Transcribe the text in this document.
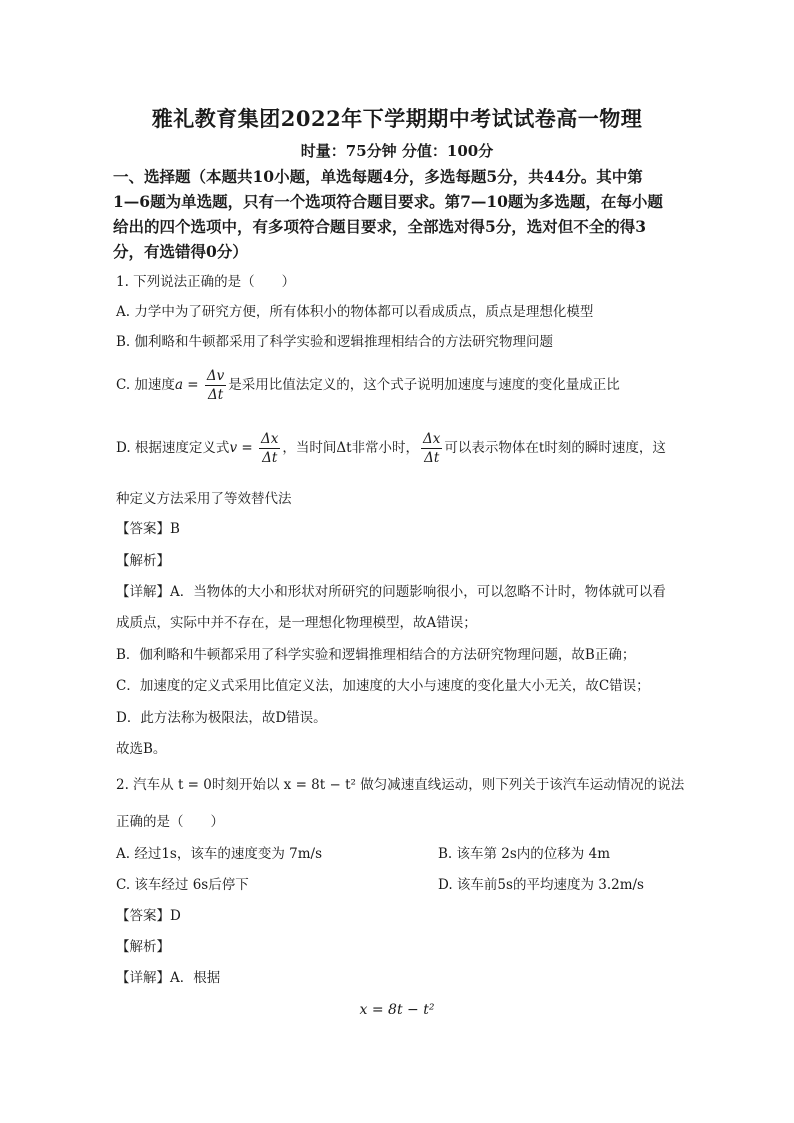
雅礼教育集团2022年下学期期中考试试卷高一物理
时量：75分钟 分值：100分
一、选择题（本题共10小题，单选每题4分，多选每题5分，共44分。其中第
1—6题为单选题，只有一个选项符合题目要求。第7—10题为多选题，在每小题
给出的四个选项中，有多项符合题目要求，全部选对得5分，选对但不全的得3
分，有选错得0分）
1. 下列说法正确的是（　　）
A. 力学中为了研究方便，所有体积小的物体都可以看成质点，质点是理想化模型
B. 伽利略和牛顿都采用了科学实验和逻辑推理相结合的方法研究物理问题
C. 加速度$a = \frac{\Delta v}{\Delta t}$ 是采用比值法定义的，这个式子说明加速度与速度的变化量成正比
D. 根据速度定义式$v = \frac{\Delta x}{\Delta t}$ ，当时间Δt非常小时， $\frac{\Delta x}{\Delta t}$ 可以表示物体在t时刻的瞬时速度，这
种定义方法采用了等效替代法
【答案】B
【解析】
【详解】A．当物体的大小和形状对所研究的问题影响很小，可以忽略不计时，物体就可以看
成质点，实际中并不存在，是一理想化物理模型，故A错误；
B．伽利略和牛顿都采用了科学实验和逻辑推理相结合的方法研究物理问题，故B正确；
C．加速度的定义式采用比值定义法，加速度的大小与速度的变化量大小无关，故C错误；
D．此方法称为极限法，故D错误。
故选B。
2. 汽车从 t = 0时刻开始以 x = 8t − t² 做匀减速直线运动，则下列关于该汽车运动情况的说法
正确的是（　　）
A. 经过1s，该车的速度变为 7m/s	B. 该车第 2s内的位移为 4m
C. 该车经过 6s后停下	D. 该车前5s的平均速度为 3.2m/s
【答案】D
【解析】
【详解】A．根据
x = 8t − t²
